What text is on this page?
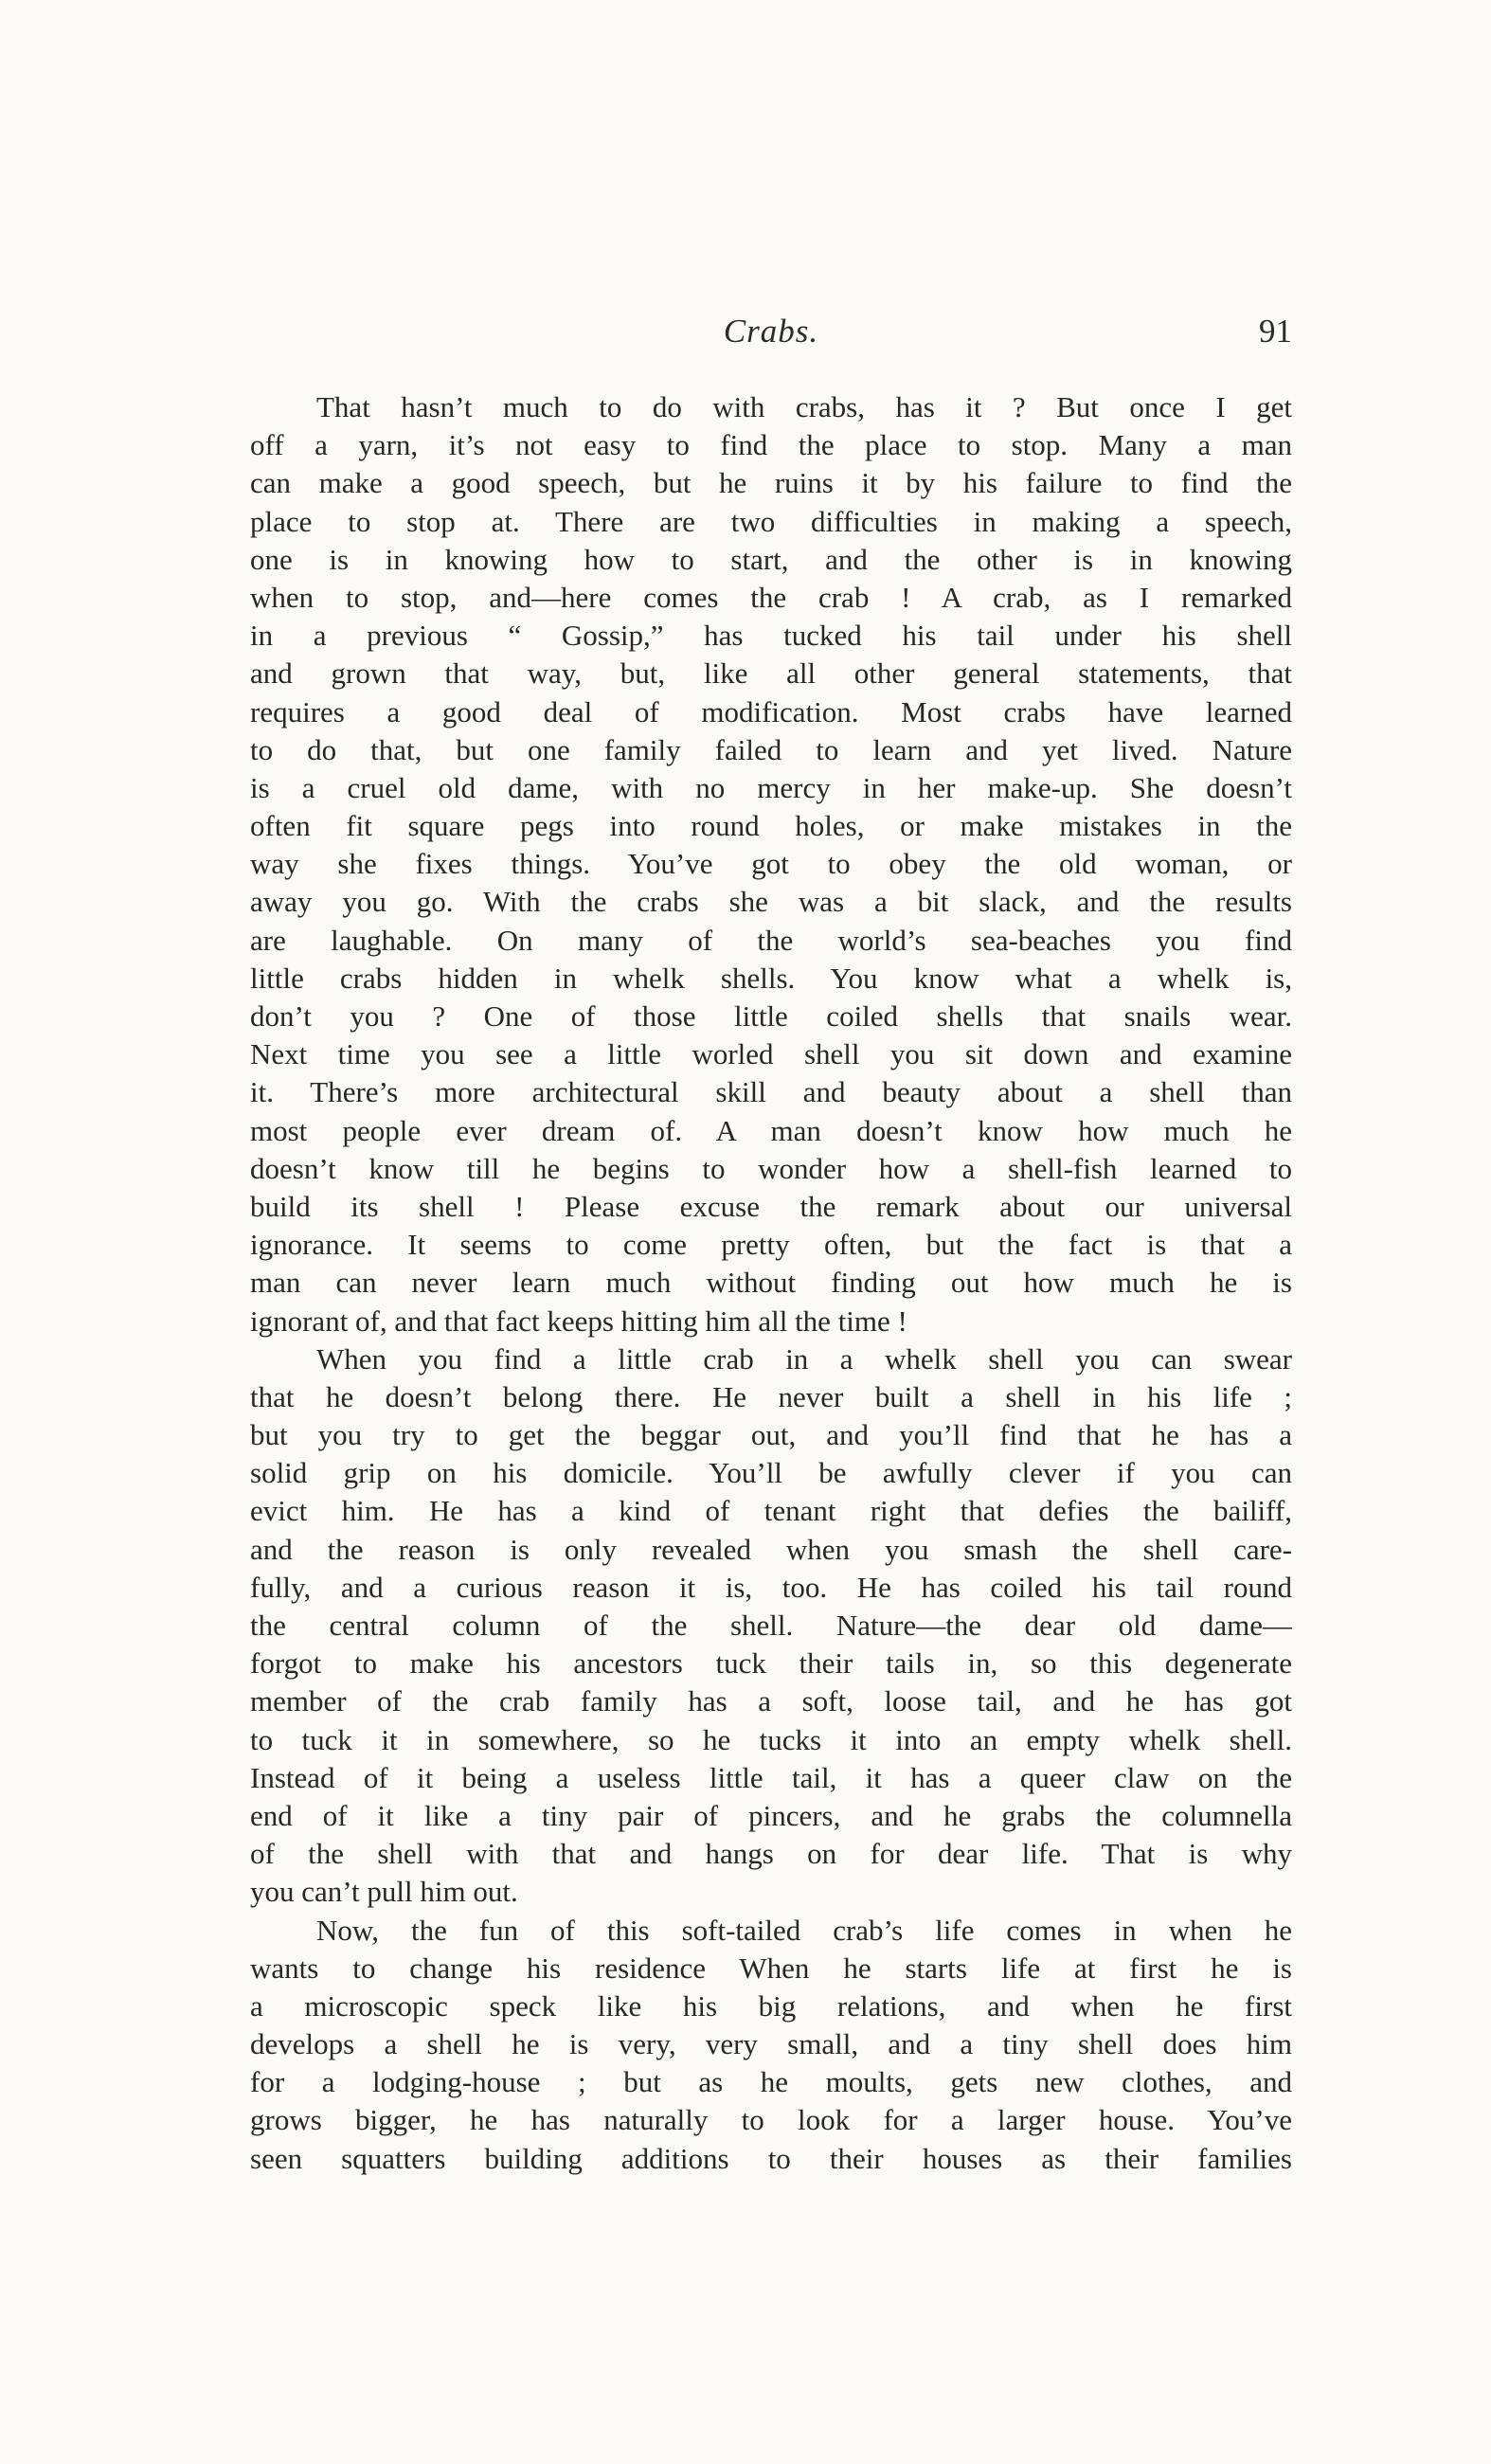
Crabs.	91
That hasn’t much to do with crabs, has it ? But once I get
off a yarn, it’s not easy to find the place to stop. Many a man
can make a good speech, but he ruins it by his failure to find the
place to stop at. There are two difficulties in making a speech,
one is in knowing how to start, and the other is in knowing
when to stop, and—here comes the crab ! A crab, as I remarked
in a previous “ Gossip,” has tucked his tail under his shell
and grown that way, but, like all other general statements, that
requires a good deal of modification. Most crabs have learned
to do that, but one family failed to learn and yet lived. Nature
is a cruel old dame, with no mercy in her make-up. She doesn’t
often fit square pegs into round holes, or make mistakes in the
way she fixes things. You’ve got to obey the old woman, or
away you go. With the crabs she was a bit slack, and the results
are laughable. On many of the world’s sea-beaches you find
little crabs hidden in whelk shells. You know what a whelk is,
don’t you ? One of those little coiled shells that snails wear.
Next time you see a little worled shell you sit down and examine
it. There’s more architectural skill and beauty about a shell than
most people ever dream of. A man doesn’t know how much he
doesn’t know till he begins to wonder how a shell-fish learned to
build its shell ! Please excuse the remark about our universal
ignorance. It seems to come pretty often, but the fact is that a
man can never learn much without finding out how much he is
ignorant of, and that fact keeps hitting him all the time !
When you find a little crab in a whelk shell you can swear
that he doesn’t belong there. He never built a shell in his life ;
but you try to get the beggar out, and you’ll find that he has a
solid grip on his domicile. You’ll be awfully clever if you can
evict him. He has a kind of tenant right that defies the bailiff,
and the reason is only revealed when you smash the shell care-
fully, and a curious reason it is, too. He has coiled his tail round
the central column of the shell. Nature—the dear old dame—
forgot to make his ancestors tuck their tails in, so this degenerate
member of the crab family has a soft, loose tail, and he has got
to tuck it in somewhere, so he tucks it into an empty whelk shell.
Instead of it being a useless little tail, it has a queer claw on the
end of it like a tiny pair of pincers, and he grabs the columnella
of the shell with that and hangs on for dear life. That is why
you can’t pull him out.
Now, the fun of this soft-tailed crab’s life comes in when he
wants to change his residence When he starts life at first he is
a microscopic speck like his big relations, and when he first
develops a shell he is very, very small, and a tiny shell does him
for a lodging-house ; but as he moults, gets new clothes, and
grows bigger, he has naturally to look for a larger house. You’ve
seen squatters building additions to their houses as their families
